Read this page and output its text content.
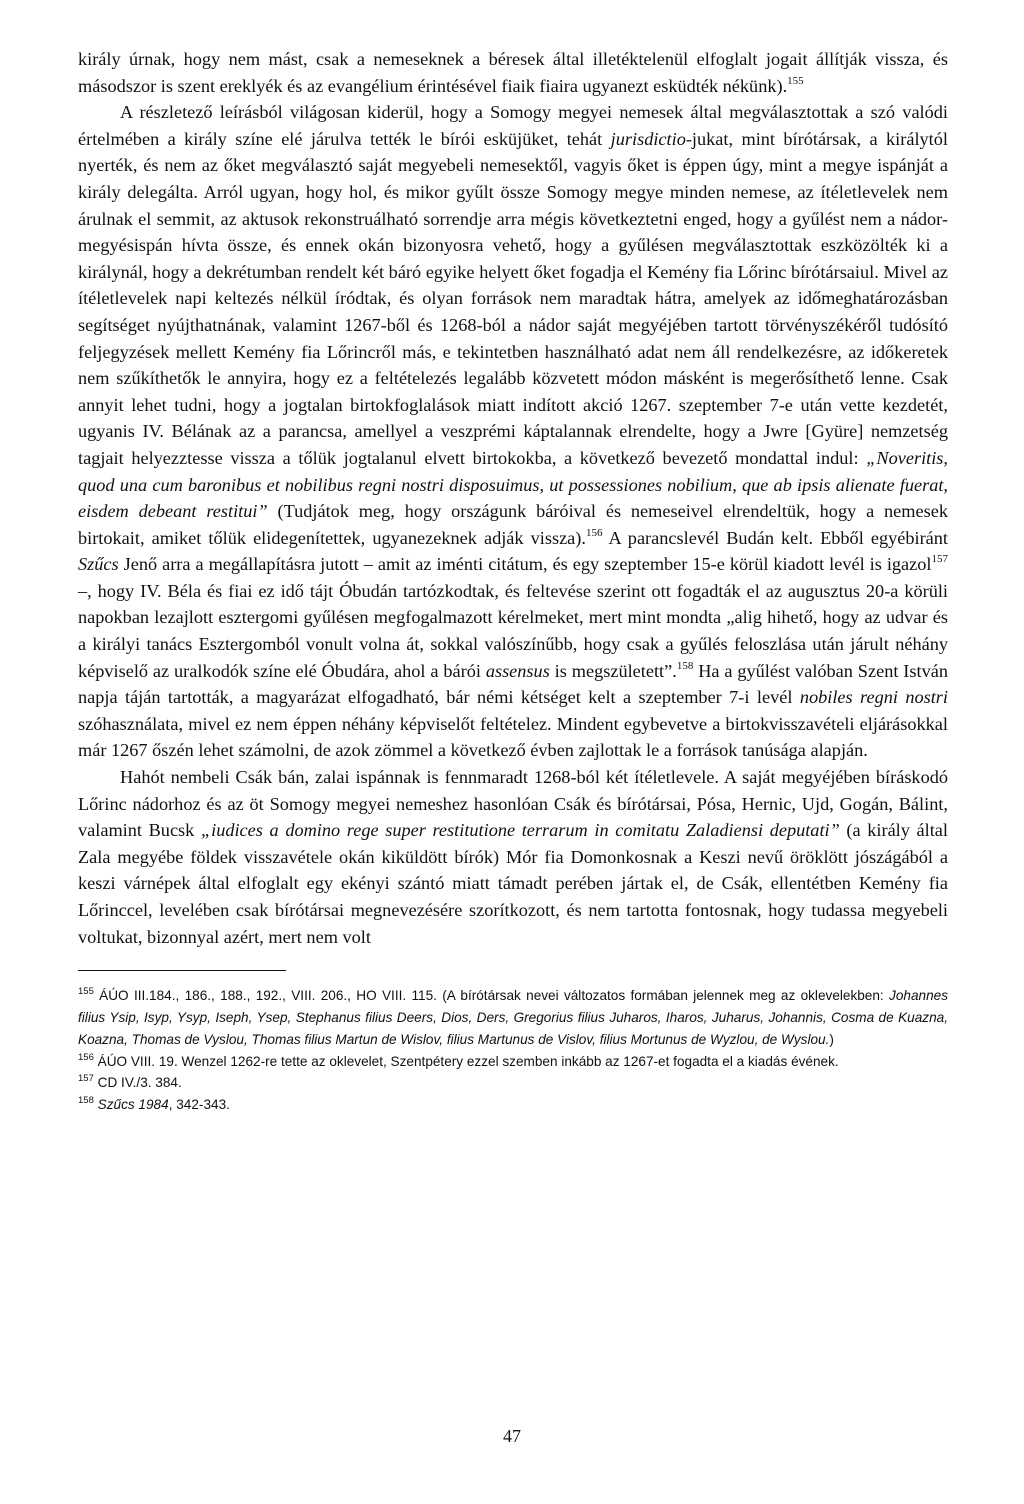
király úrnak, hogy nem mást, csak a nemeseknek a béresek által illetéktelenül elfoglalt jogait állítják vissza, és másodszor is szent ereklyék és az evangélium érintésével fiaik fiaira ugyanezt esküdték nékünk).$^{155}$

A részletező leírásból világosan kiderül, hogy a Somogy megyei nemesek által megválasztottak a szó valódi értelmében a király színe elé járulva tették le bírói esküjüket, tehát jurisdictio-jukat, mint bírótársak, a királytól nyerték, és nem az őket megválasztó saját megyebeli nemesektől, vagyis őket is éppen úgy, mint a megye ispánját a király delegálta. Arról ugyan, hogy hol, és mikor gyűlt össze Somogy megye minden nemese, az ítéletlevelek nem árulnak el semmit, az aktusok rekonstruálható sorrendje arra mégis következtetni enged, hogy a gyűlést nem a nádor-megyésispán hívta össze, és ennek okán bizonyosra vehető, hogy a gyűlésen megválasztottak eszközölték ki a királynál, hogy a dekrétumban rendelt két báró egyike helyett őket fogadja el Kemény fia Lőrinc bírótársaiul. Mivel az ítéletlevelek napi keltezés nélkül íródtak, és olyan források nem maradtak hátra, amelyek az időmeghatározásban segítséget nyújthatnának, valamint 1267-ből és 1268-ból a nádor saját megyéjében tartott törvényszékéről tudósító feljegyzések mellett Kemény fia Lőrincről más, e tekintetben használható adat nem áll rendelkezésre, az időkeretek nem szűkíthetők le annyira, hogy ez a feltételezés legalább közvetett módon másként is megerősíthető lenne. Csak annyit lehet tudni, hogy a jogtalan birtokfoglalások miatt indított akció 1267. szeptember 7-e után vette kezdetét, ugyanis IV. Bélának az a parancsa, amellyel a veszprémi káptalannak elrendelte, hogy a Jwre [Gyüre] nemzetség tagjait helyezztesse vissza a tőlük jogtalanul elvett birtokokba, a következő bevezető mondattal indul: „Noveritis, quod una cum baronibus et nobilibus regni nostri disposuimus, ut possessiones nobilium, que ab ipsis alienate fuerat, eisdem debeant restitui” (Tudjátok meg, hogy országunk báróival és nemeseivel elrendeltük, hogy a nemesek birtokait, amiket tőlük elidegenítettek, ugyanezeknek adják vissza).$^{156}$ A parancslevél Budán kelt. Ebből egyébiránt Szűcs Jenő arra a megállapításra jutott – amit az iménti citátum, és egy szeptember 15-e körül kiadott levél is igazol$^{157}$ –, hogy IV. Béla és fiai ez idő tájt Óbudán tartózkodtak, és feltevése szerint ott fogadták el az augusztus 20-a körüli napokban lezajlott esztergomi gyűlésen megfogalmazott kérelmeket, mert mint mondta „alig hihető, hogy az udvar és a királyi tanács Esztergomból vonult volna át, sokkal valószínűbb, hogy csak a gyűlés feloszlása után járult néhány képviselő az uralkodók színe elé Óbudára, ahol a bárói assensus is megszületett”.$^{158}$ Ha a gyűlést valóban Szent István napja táján tartották, a magyarázat elfogadható, bár némi kétséget kelt a szeptember 7-i levél nobiles regni nostri szóhasználata, mivel ez nem éppen néhány képviselőt feltételez. Mindent egybevetve a birtokvisszavételi eljárásokkal már 1267 őszén lehet számolni, de azok zömmel a következő évben zajlottak le a források tanúsága alapján.

Hahót nembeli Csák bán, zalai ispánnak is fennmaradt 1268-ból két ítéletlevele. A saját megyéjében bíráskodó Lőrinc nádorhoz és az öt Somogy megyei nemeshez hasonlóan Csák és bírótársai, Pósa, Hernic, Ujd, Gogán, Bálint, valamint Bucsk „iudices a domino rege super restitutione terrarum in comitatu Zaladiensi deputati” (a király által Zala megyébe földek visszavétele okán kiküldött bírók) Mór fia Domonkosnak a Keszi nevű öröklött jószágából a keszi várnépek által elfoglalt egy ekényi szántó miatt támadt perében jártak el, de Csák, ellentétben Kemény fia Lőrinccel, levelében csak bírótársai megnevezésére szorítkozott, és nem tartotta fontosnak, hogy tudassa megyebeli voltukat, bizonnyal azért, mert nem volt

$^{155}$ ÁÚO III.184., 186., 188., 192., VIII. 206., HO VIII. 115. (A bírótársak nevei változatos formában jelennek meg az oklevelekben: Johannes filius Ysip, Isyp, Ysyp, Iseph, Ysep, Stephanus filius Deers, Dios, Ders, Gregorius filius Juharos, Iharos, Juharus, Johannis, Cosma de Kuazna, Koazna, Thomas de Vyslou, Thomas filius Martun de Wislov, filius Martunus de Vislov, filius Mortunus de Wyzlou, de Wyslou.)

$^{156}$ ÁÚO VIII. 19. Wenzel 1262-re tette az oklevelet, Szentpétery ezzel szemben inkább az 1267-et fogadta el a kiadás évének.

$^{157}$ CD IV./3. 384.

$^{158}$ Szűcs 1984, 342-343.

47
